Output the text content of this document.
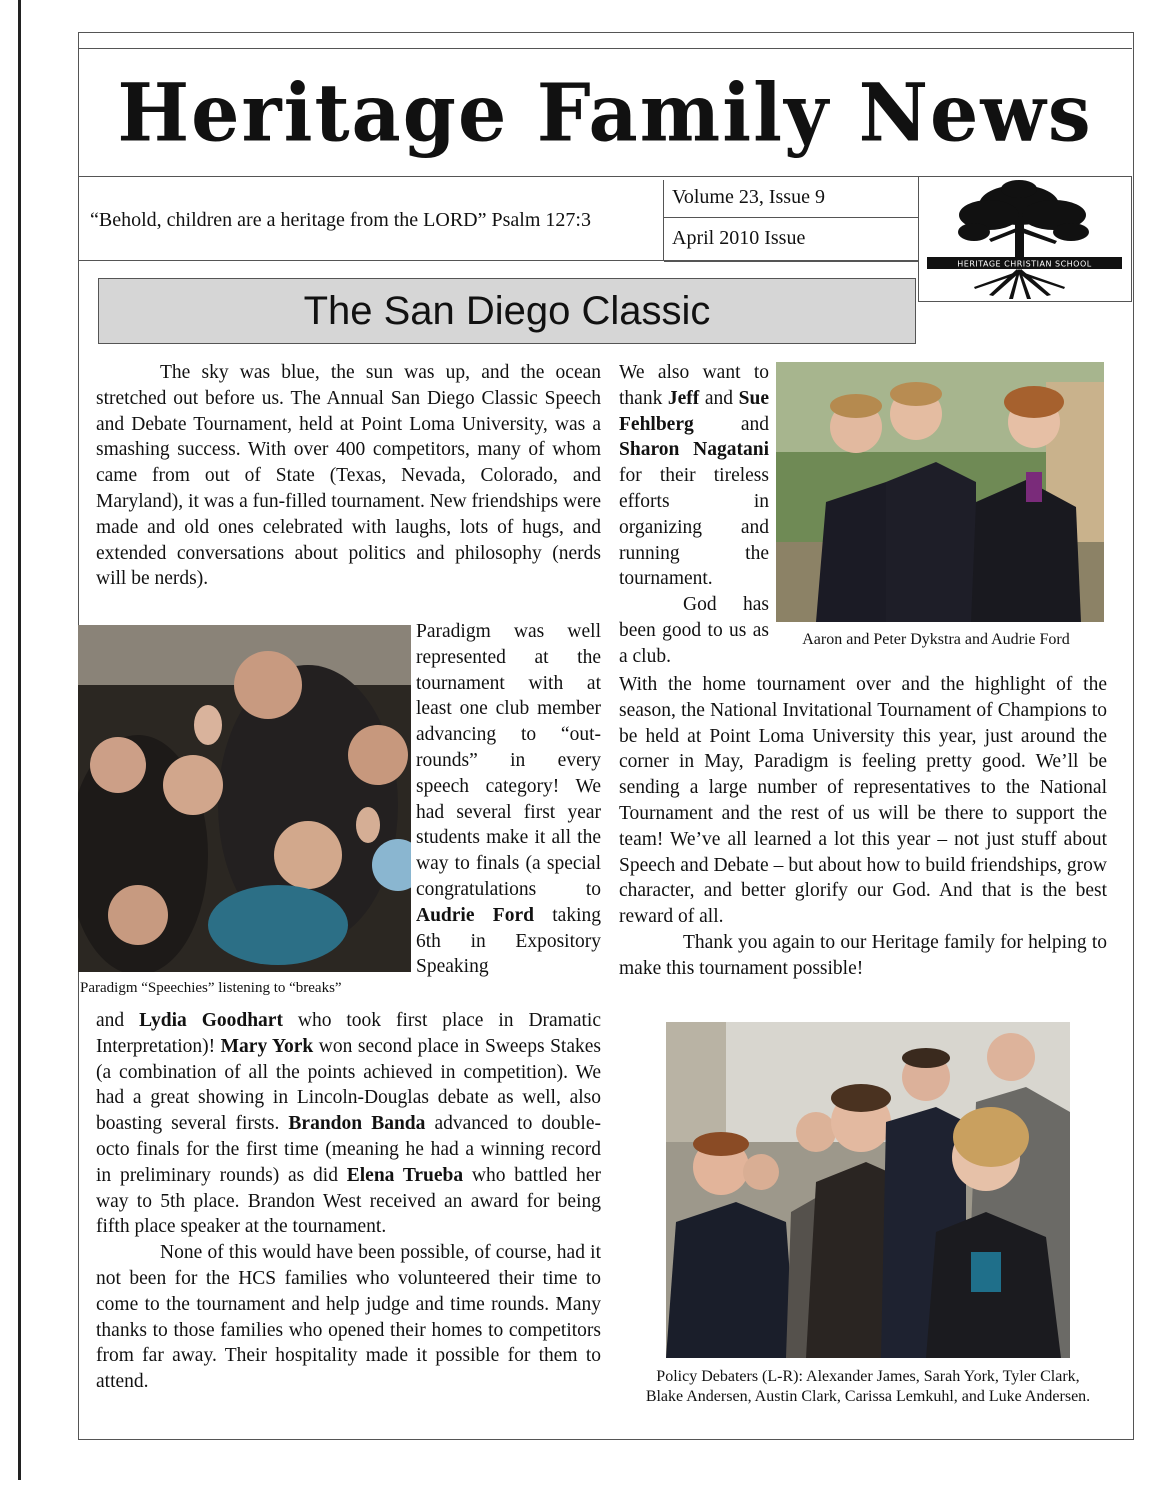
Heritage Family News
“Behold, children are a heritage from the LORD” Psalm 127:3
Volume 23, Issue 9
April 2010 Issue
HERITAGE CHRISTIAN SCHOOL
The San Diego Classic

The sky was blue, the sun was up, and the ocean stretched out before us. The Annual San Diego Classic Speech and Debate Tournament, held at Point Loma University, was a smashing success. With over 400 competitors, many of whom came from out of State (Texas, Nevada, Colorado, and Maryland), it was a fun-filled tournament. New friendships were made and old ones celebrated with laughs, lots of hugs, and extended conversations about politics and philosophy (nerds will be nerds).

Paradigm “Speechies” listening to “breaks”

Paradigm was well represented at the tournament with at least one club member advancing to “out-rounds” in every speech category! We had several first year students make it all the way to finals (a special congratulations to Audrie Ford taking 6th in Expository Speaking

and Lydia Goodhart who took first place in Dramatic Interpretation)! Mary York won second place in Sweeps Stakes (a combination of all the points achieved in competition). We had a great showing in Lincoln-Douglas debate as well, also boasting several firsts. Brandon Banda advanced to double-octo finals for the first time (meaning he had a winning record in preliminary rounds) as did Elena Trueba who battled her way to 5th place. Brandon West received an award for being fifth place speaker at the tournament.

None of this would have been possible, of course, had it not been for the HCS families who volunteered their time to come to the tournament and help judge and time rounds. Many thanks to those families who opened their homes to competitors from far away. Their hospitality made it possible for them to attend.

We also want to thank Jeff and Sue Fehlberg and Sharon Nagatani for their tireless efforts in organizing and running the tournament.

God has been good to us as a club.

Aaron and Peter Dykstra and Audrie Ford

With the home tournament over and the highlight of the season, the National Invitational Tournament of Champions to be held at Point Loma University this year, just around the corner in May, Paradigm is feeling pretty good. We’ll be sending a large number of representatives to the National Tournament and the rest of us will be there to support the team! We’ve all learned a lot this year – not just stuff about Speech and Debate – but about how to build friendships, grow character, and better glorify our God. And that is the best reward of all.

Thank you again to our Heritage family for helping to make this tournament possible!

Policy Debaters (L-R): Alexander James, Sarah York, Tyler Clark, Blake Andersen, Austin Clark, Carissa Lemkuhl, and Luke Andersen.
